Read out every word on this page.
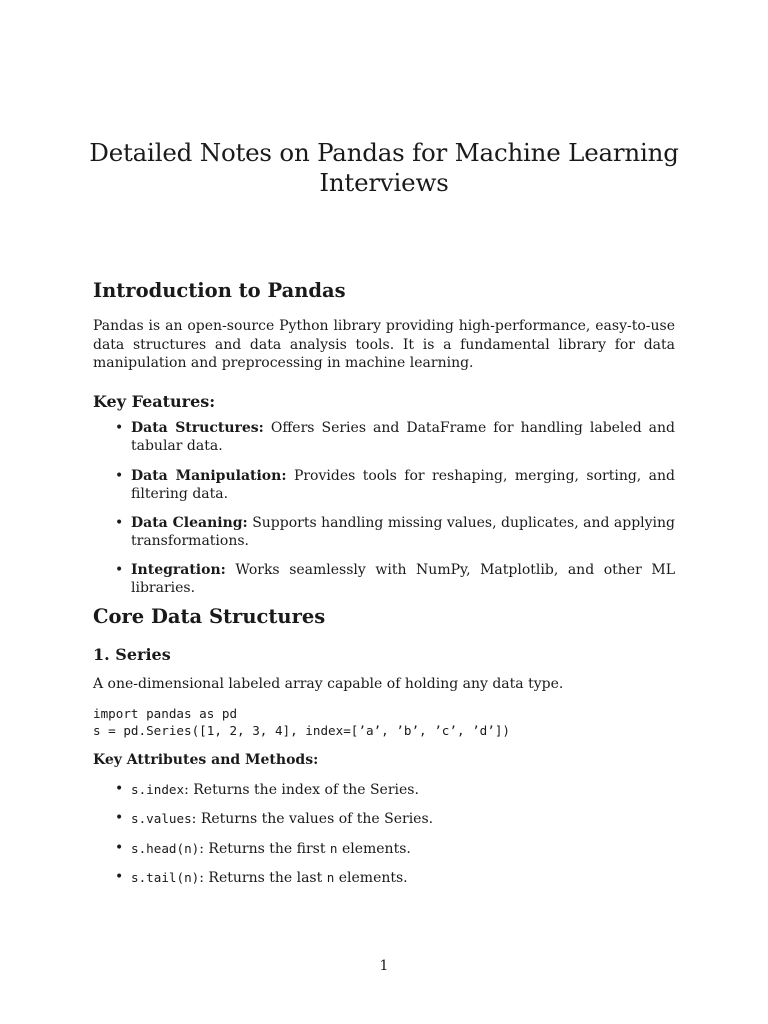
Detailed Notes on Pandas for Machine Learning
Interviews
Introduction to Pandas

Pandas is an open-source Python library providing high-performance, easy-to-use data structures and data analysis tools. It is a fundamental library for data manipulation and preprocessing in machine learning.

Key Features:
• Data Structures: Offers Series and DataFrame for handling labeled and tabular data.
• Data Manipulation: Provides tools for reshaping, merging, sorting, and filtering data.
• Data Cleaning: Supports handling missing values, duplicates, and applying transformations.
• Integration: Works seamlessly with NumPy, Matplotlib, and other ML libraries.
Core Data Structures
1. Series

A one-dimensional labeled array capable of holding any data type.

import pandas as pd
s = pd.Series([1, 2, 3, 4], index=[’a’, ’b’, ’c’, ’d’])
Key Attributes and Methods:
• s.index: Returns the index of the Series.
• s.values: Returns the values of the Series.
• s.head(n): Returns the first n elements.
• s.tail(n): Returns the last n elements.
1
